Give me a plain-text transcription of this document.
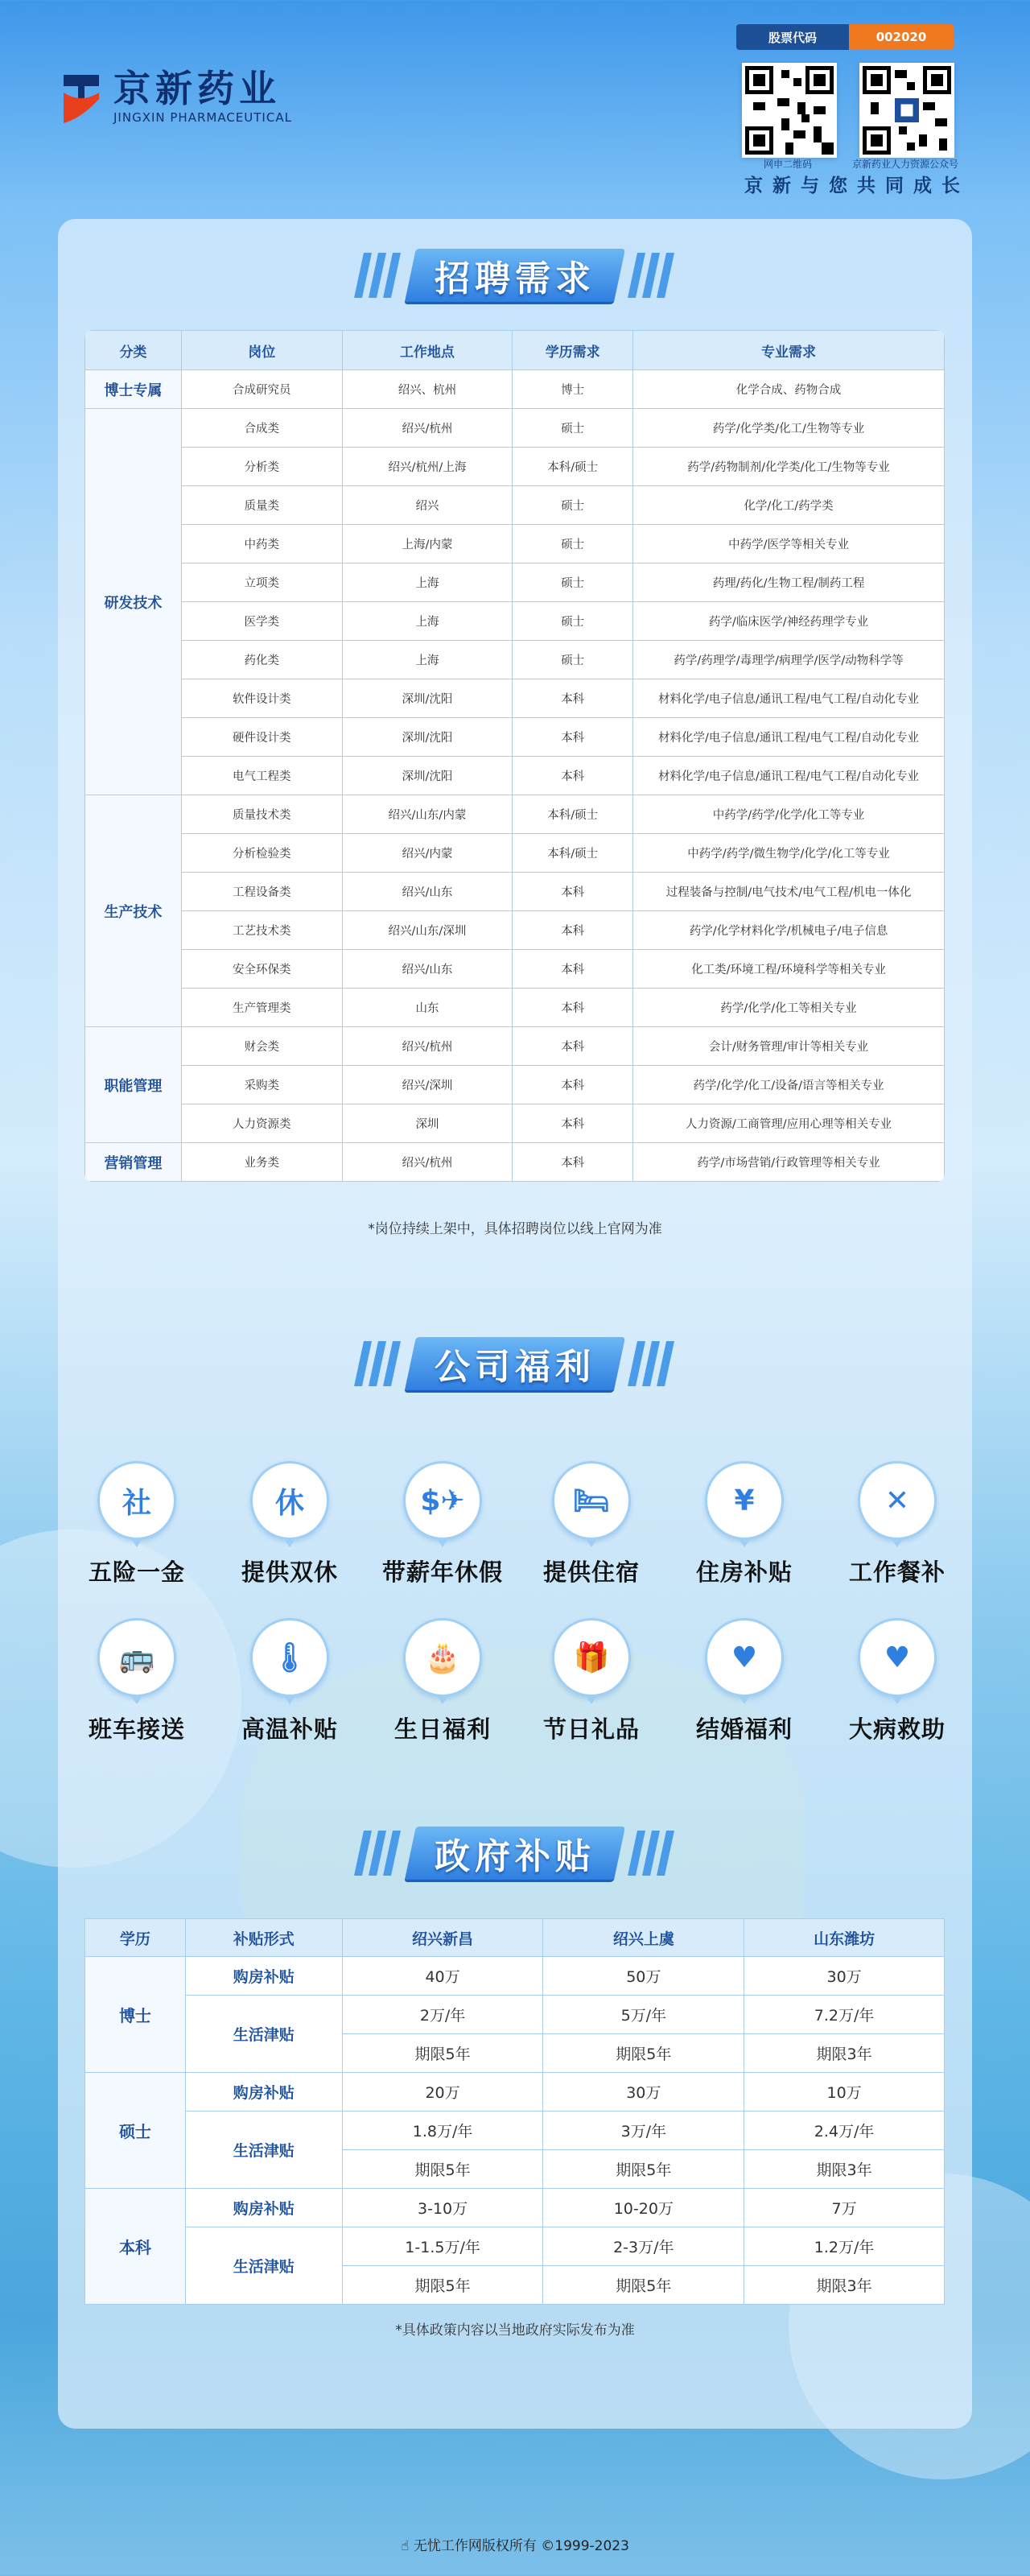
京新药业
JINGXIN PHARMACEUTICAL
股票代码	002020
网申二维码	京新药业人力资源公众号
京新与您共同成长
招聘需求
分类	岗位	工作地点	学历需求	专业需求
博士专属	合成研究员	绍兴、杭州	博士	化学合成、药物合成
研发技术	合成类	绍兴/杭州	硕士	药学/化学类/化工/生物等专业
	分析类	绍兴/杭州/上海	本科/硕士	药学/药物制剂/化学类/化工/生物等专业
	质量类	绍兴	硕士	化学/化工/药学类
	中药类	上海/内蒙	硕士	中药学/医学等相关专业
	立项类	上海	硕士	药理/药化/生物工程/制药工程
	医学类	上海	硕士	药学/临床医学/神经药理学专业
	药化类	上海	硕士	药学/药理学/毒理学/病理学/医学/动物科学等
	软件设计类	深圳/沈阳	本科	材料化学/电子信息/通讯工程/电气工程/自动化专业
	硬件设计类	深圳/沈阳	本科	材料化学/电子信息/通讯工程/电气工程/自动化专业
	电气工程类	深圳/沈阳	本科	材料化学/电子信息/通讯工程/电气工程/自动化专业
生产技术	质量技术类	绍兴/山东/内蒙	本科/硕士	中药学/药学/化学/化工等专业
	分析检验类	绍兴/内蒙	本科/硕士	中药学/药学/微生物学/化学/化工等专业
	工程设备类	绍兴/山东	本科	过程装备与控制/电气技术/电气工程/机电一体化
	工艺技术类	绍兴/山东/深圳	本科	药学/化学材料化学/机械电子/电子信息
	安全环保类	绍兴/山东	本科	化工类/环境工程/环境科学等相关专业
	生产管理类	山东	本科	药学/化学/化工等相关专业
职能管理	财会类	绍兴/杭州	本科	会计/财务管理/审计等相关专业
	采购类	绍兴/深圳	本科	药学/化学/化工/设备/语言等相关专业
	人力资源类	深圳	本科	人力资源/工商管理/应用心理等相关专业
营销管理	业务类	绍兴/杭州	本科	药学/市场营销/行政管理等相关专业
*岗位持续上架中，具体招聘岗位以线上官网为准
公司福利
社
五险一金
休
提供双休
$✈
带薪年休假
🛏
提供住宿
¥
住房补贴
✕
工作餐补
🚌
班车接送
🌡
高温补贴
🎂
生日福利
🎁
节日礼品
♥
结婚福利
♥
大病救助
政府补贴
学历	补贴形式	绍兴新昌	绍兴上虞	山东潍坊
博士	购房补贴	40万	50万	30万
	生活津贴	2万/年	5万/年	7.2万/年
		期限5年	期限5年	期限3年
硕士	购房补贴	20万	30万	10万
	生活津贴	1.8万/年	3万/年	2.4万/年
		期限5年	期限5年	期限3年
本科	购房补贴	3-10万	10-20万	7万
	生活津贴	1-1.5万/年	2-3万/年	1.2万/年
		期限5年	期限5年	期限3年
*具体政策内容以当地政府实际发布为准
☝ 无忧工作网版权所有 ©1999-2023
